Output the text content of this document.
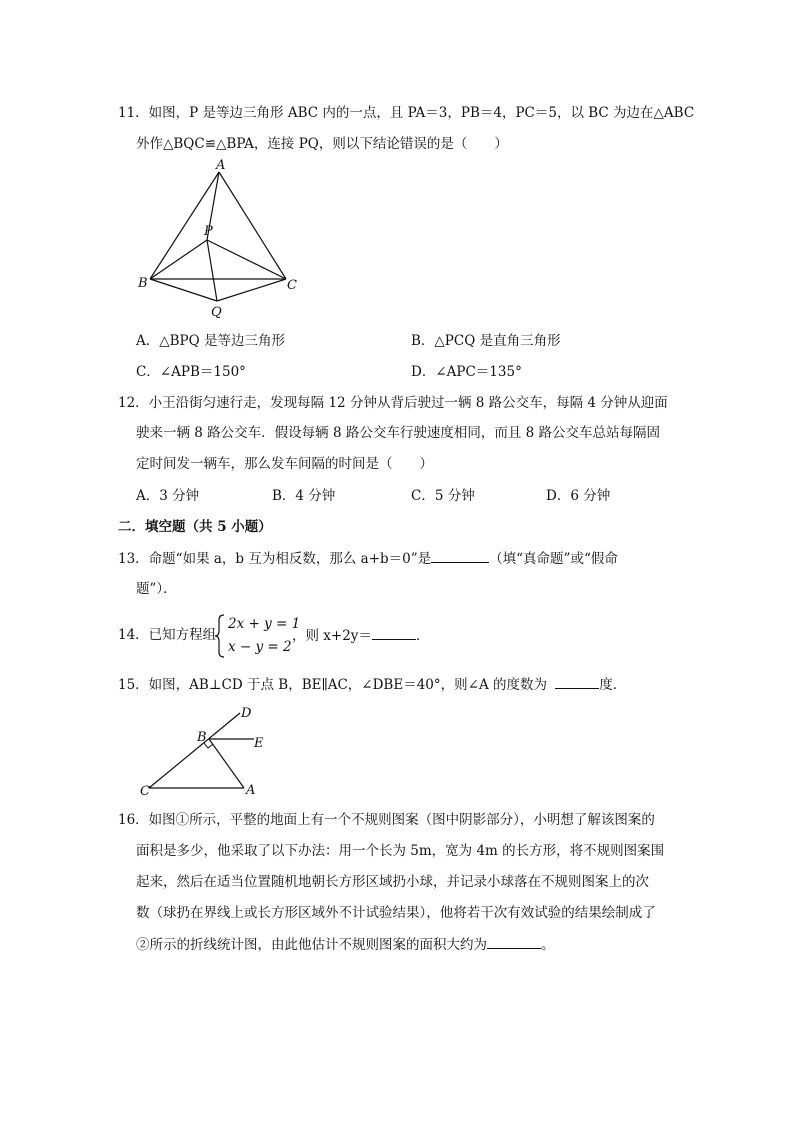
11．如图，P 是等边三角形 ABC 内的一点，且 PA＝3，PB＝4，PC＝5，以 BC 为边在△ABC
外作△BQC≌△BPA，连接 PQ，则以下结论错误的是（　　）
A
P
B	C
Q
A．△BPQ 是等边三角形	B．△PCQ 是直角三角形
C．∠APB＝150°	D．∠APC＝135°
12．小王沿街匀速行走，发现每隔 12 分钟从背后驶过一辆 8 路公交车，每隔 4 分钟从迎面
驶来一辆 8 路公交车．假设每辆 8 路公交车行驶速度相同，而且 8 路公交车总站每隔固
定时间发一辆车，那么发车间隔的时间是（　　）
A．3 分钟	B．4 分钟	C．5 分钟	D．6 分钟
二．填空题（共 5 小题）
13．命题“如果 a，b 互为相反数，那么 a+b＝0”是	（填“真命题”或“假命
题”）．
14．已知方程组
2x + y = 1
x − y = 2
，则 x+2y＝	．
15．如图，AB⊥CD 于点 B，BE∥AC，∠DBE＝40°，则∠A 的度数为	度．
D
B	E
C	A
16．如图①所示，平整的地面上有一个不规则图案（图中阴影部分），小明想了解该图案的
面积是多少，他采取了以下办法：用一个长为 5m，宽为 4m 的长方形，将不规则图案围
起来，然后在适当位置随机地朝长方形区域扔小球，并记录小球落在不规则图案上的次
数（球扔在界线上或长方形区域外不计试验结果），他将若干次有效试验的结果绘制成了
②所示的折线统计图，由此他估计不规则图案的面积大约为	。
